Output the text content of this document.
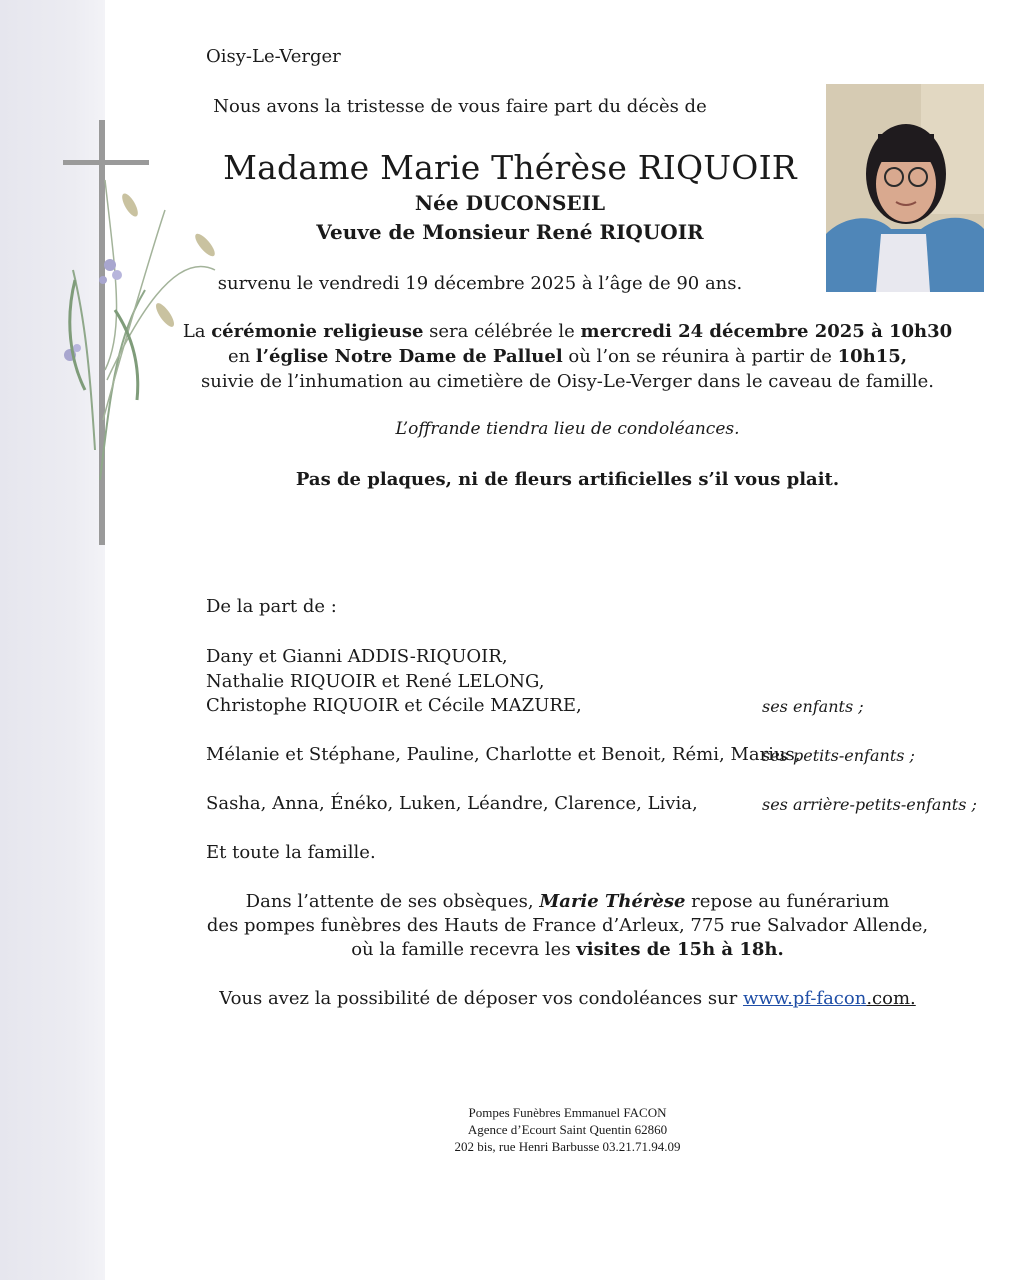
Oisy-Le-Verger
Nous avons la tristesse de vous faire part du décès de
Madame Marie Thérèse RIQUOIR
Née DUCONSEIL
Veuve de Monsieur René RIQUOIR
survenu le vendredi 19 décembre 2025 à l’âge de 90 ans.
La cérémonie religieuse sera célébrée le mercredi 24 décembre 2025 à 10h30
en l’église Notre Dame de Palluel où l’on se réunira à partir de 10h15,
suivie de l’inhumation au cimetière de Oisy-Le-Verger dans le caveau de famille.
L’offrande tiendra lieu de condoléances.
Pas de plaques, ni de fleurs artificielles s’il vous plait.
De la part de :
Dany et Gianni ADDIS-RIQUOIR,
Nathalie RIQUOIR et René LELONG,
Christophe RIQUOIR et Cécile MAZURE,	ses enfants ;
Mélanie et Stéphane, Pauline, Charlotte et Benoit, Rémi, Marius,
ses petits-enfants ;
Sasha, Anna, Énéko, Luken, Léandre, Clarence, Livia,	ses arrière-petits-enfants ;
Et toute la famille.
Dans l’attente de ses obsèques, Marie Thérèse repose au funérarium
des pompes funèbres des Hauts de France d’Arleux, 775 rue Salvador Allende,
où la famille recevra les visites de 15h à 18h.
Vous avez la possibilité de déposer vos condoléances sur www.pf-facon.com.
Pompes Funèbres Emmanuel FACON
Agence d’Ecourt Saint Quentin 62860
202 bis, rue Henri Barbusse 03.21.71.94.09
